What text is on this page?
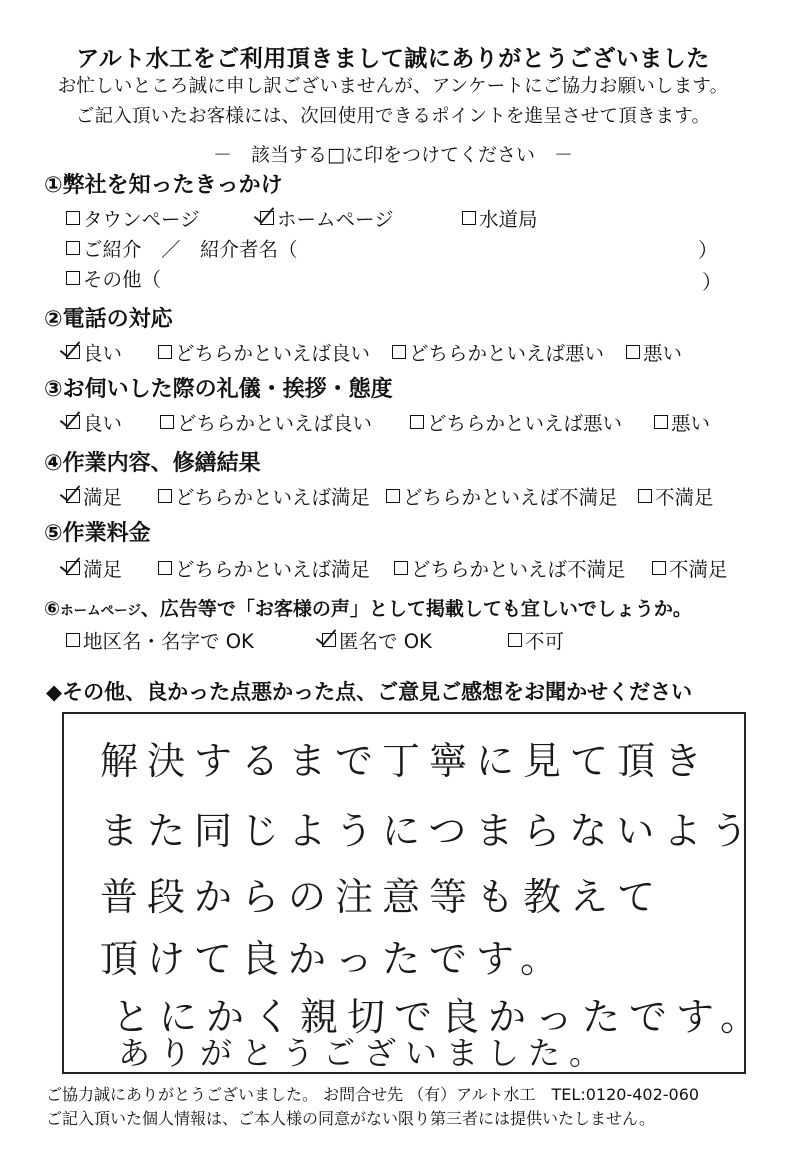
アルト水工をご利用頂きまして誠にありがとうございました
お忙しいところ誠に申し訳ございませんが、アンケートにご協力お願いします。
ご記入頂いたお客様には、次回使用できるポイントを進呈させて頂きます。
－　該当する□に印をつけてください　－
①弊社を知ったきっかけ
タウンページ	ホームページ	水道局
ご紹介　／　紹介者名（	）
その他（	）
②電話の対応
良い	どちらかといえば良い どちらかといえば悪い 悪い
③お伺いした際の礼儀・挨拶・態度
良い	どちらかといえば良い	どちらかといえば悪い	悪い
④作業内容、修繕結果
満足	どちらかといえば満足 どちらかといえば不満足 不満足
⑤作業料金
満足	どちらかといえば満足 どちらかといえば不満足 不満足
⑥ホームページ、広告等で「お客様の声」として掲載しても宜しいでしょうか。
地区名・名字で OK	匿名で OK	不可
◆その他、良かった点悪かった点、ご意見ご感想をお聞かせください
解決するまで丁寧に見て頂き
また同じようにつまらないよう
普段からの注意等も教えて
頂けて良かったです。
とにかく親切で良かったです。
ありがとうございました。
ご協力誠にありがとうございました。 お問合せ先 （有）アルト水工　TEL:0120-402-060
ご記入頂いた個人情報は、ご本人様の同意がない限り第三者には提供いたしません。
